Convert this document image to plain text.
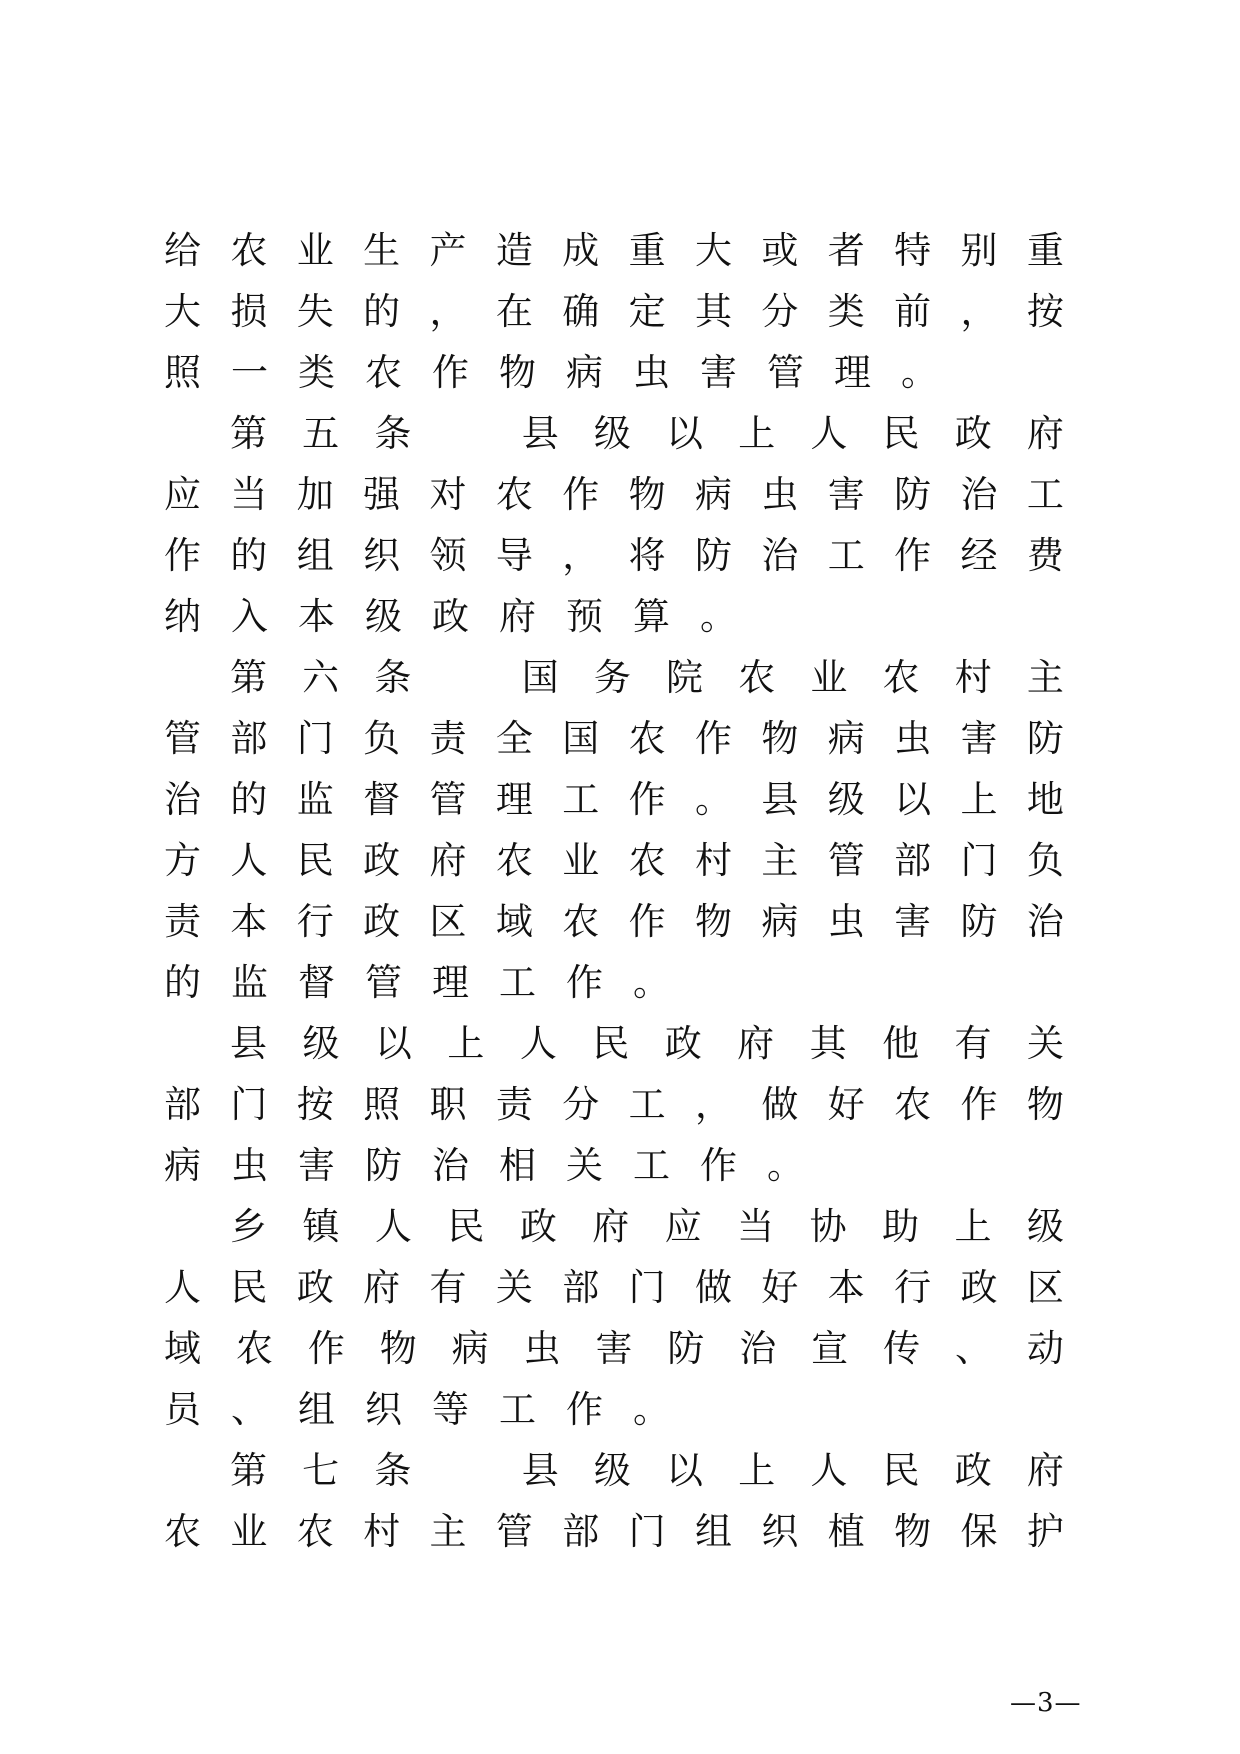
给 农 业 生 产 造 成 重 大 或 者 特 别 重
大 损 失 的 ， 在 确 定 其 分 类 前 ， 按
照 一 类 农 作 物 病 虫 害 管 理 。
第 五 条	县 级 以 上 人 民 政 府
应 当 加 强 对 农 作 物 病 虫 害 防 治 工
作 的 组 织 领 导 ， 将 防 治 工 作 经 费
纳 入 本 级 政 府 预 算 。
第 六 条	国 务 院 农 业 农 村 主
管 部 门 负 责 全 国 农 作 物 病 虫 害 防
治 的 监 督 管 理 工 作 。 县 级 以 上 地
方 人 民 政 府 农 业 农 村 主 管 部 门 负
责 本 行 政 区 域 农 作 物 病 虫 害 防 治
的 监 督 管 理 工 作 。
县 级 以 上 人 民 政 府 其 他 有 关
部 门 按 照 职 责 分 工 ， 做 好 农 作 物
病 虫 害 防 治 相 关 工 作 。
乡 镇 人 民 政 府 应 当 协 助 上 级
人 民 政 府 有 关 部 门 做 好 本 行 政 区
域 农 作 物 病 虫 害 防 治 宣 传 、 动
员 、 组 织 等 工 作 。
第 七 条	县 级 以 上 人 民 政 府
农 业 农 村 主 管 部 门 组 织 植 物 保 护
—3—
